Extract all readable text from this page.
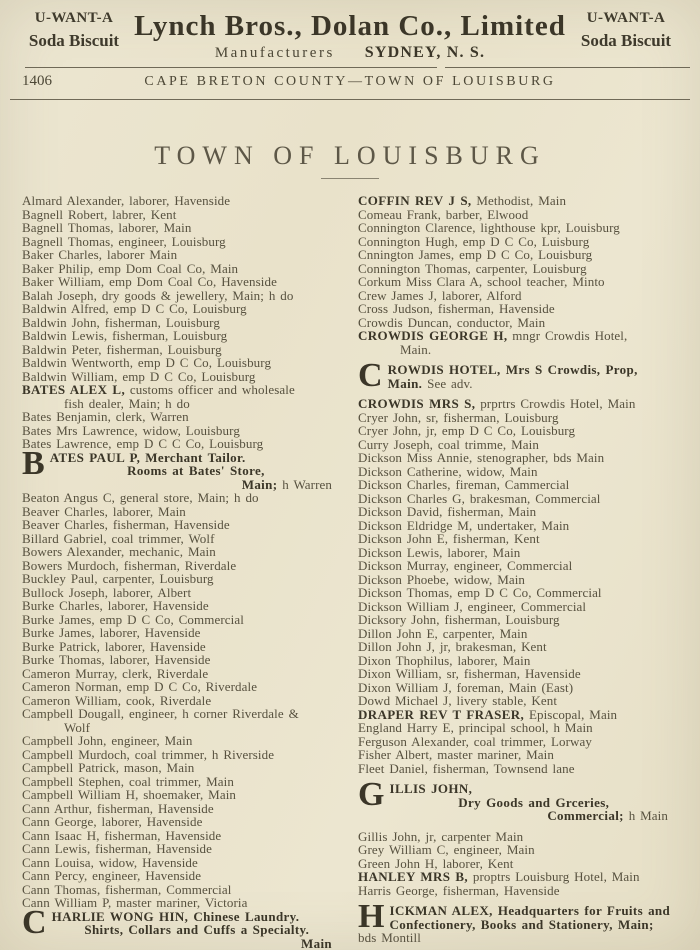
U-WANT-A
Soda Biscuit Lynch Bros., Dolan Co., Limited
Manufacturers SYDNEY, N. S.
U-WANT-A
Soda Biscuit
1406	CAPE BRETON COUNTY—TOWN OF LOUISBURG
TOWN OF LOUISBURG
Almard Alexander, laborer, Havenside
Bagnell Robert, labrer, Kent
Bagnell Thomas, laborer, Main
Bagnell Thomas, engineer, Louisburg
Baker Charles, laborer Main
Baker Philip, emp Dom Coal Co, Main
Baker William, emp Dom Coal Co, Havenside
Balah Joseph, dry goods & jewellery, Main; h do
Baldwin Alfred, emp D C Co, Louisburg
Baldwin John, fisherman, Louisburg
Baldwin Lewis, fisherman, Louisburg
Baldwin Peter, fisherman, Louisburg
Baldwin Wentworth, emp D C Co, Louisburg
Baldwin William, emp D C Co, Louisburg
BATES ALEX L, customs officer and wholesale
fish dealer, Main; h do
Bates Benjamin, clerk, Warren
Bates Mrs Lawrence, widow, Louisburg
Bates Lawrence, emp D C C Co, Louisburg
B ATES PAUL P, Merchant Tailor.
Rooms at Bates' Store,
Main; h Warren
Beaton Angus C, general store, Main; h do
Beaver Charles, laborer, Main
Beaver Charles, fisherman, Havenside
Billard Gabriel, coal trimmer, Wolf
Bowers Alexander, mechanic, Main
Bowers Murdoch, fisherman, Riverdale
Buckley Paul, carpenter, Louisburg
Bullock Joseph, laborer, Albert
Burke Charles, laborer, Havenside
Burke James, emp D C Co, Commercial
Burke James, laborer, Havenside
Burke Patrick, laborer, Havenside
Burke Thomas, laborer, Havenside
Cameron Murray, clerk, Riverdale
Cameron Norman, emp D C Co, Riverdale
Cameron William, cook, Riverdale
Campbell Dougall, engineer, h corner Riverdale &
Wolf
Campbell John, engineer, Main
Campbell Murdoch, coal trimmer, h Riverside
Campbell Patrick, mason, Main
Campbell Stephen, coal trimmer, Main
Campbell William H, shoemaker, Main
Cann Arthur, fisherman, Havenside
Cann George, laborer, Havenside
Cann Isaac H, fisherman, Havenside
Cann Lewis, fisherman, Havenside
Cann Louisa, widow, Havenside
Cann Percy, engineer, Havenside
Cann Thomas, fisherman, Commercial
Cann William P, master mariner, Victoria
C HARLIE WONG HIN, Chinese Laundry.
Shirts, Collars and Cuffs a Specialty.
Main
COFFIN REV J S, Methodist, Main
Comeau Frank, barber, Elwood
Connington Clarence, lighthouse kpr, Louisburg
Connington Hugh, emp D C Co, Luisburg
Cnnington James, emp D C Co, Louisburg
Connington Thomas, carpenter, Louisburg
Corkum Miss Clara A, school teacher, Minto
Crew James J, laborer, Alford
Cross Judson, fisherman, Havenside
Crowdis Duncan, conductor, Main
CROWDIS GEORGE H, mngr Crowdis Hotel,
Main.
C ROWDIS HOTEL, Mrs S Crowdis, Prop,
Main. See adv.
CROWDIS MRS S, prprtrs Crowdis Hotel, Main
Cryer John, sr, fisherman, Louisburg
Cryer John, jr, emp D C Co, Louisburg
Curry Joseph, coal trimme, Main
Dickson Miss Annie, stenographer, bds Main
Dickson Catherine, widow, Main
Dickson Charles, fireman, Cammercial
Dickson Charles G, brakesman, Commercial
Dickson David, fisherman, Main
Dickson Eldridge M, undertaker, Main
Dickson John E, fisherman, Kent
Dickson Lewis, laborer, Main
Dickson Murray, engineer, Commercial
Dickson Phoebe, widow, Main
Dickson Thomas, emp D C Co, Commercial
Dickson William J, engineer, Commercial
Dicksory John, fisherman, Louisburg
Dillon John E, carpenter, Main
Dillon John J, jr, brakesman, Kent
Dixon Thophilus, laborer, Main
Dixon William, sr, fisherman, Havenside
Dixon William J, foreman, Main (East)
Dowd Michael J, livery stable, Kent
DRAPER REV T FRASER, Episcopal, Main
England Harry E, principal school, h Main
Ferguson Alexander, coal trimmer, Lorway
Fisher Albert, master mariner, Main
Fleet Daniel, fisherman, Townsend lane
G ILLIS JOHN,
Dry Goods and Grceries,
Commercial; h Main
Gillis John, jr, carpenter Main
Grey William C, engineer, Main
Green John H, laborer, Kent
HANLEY MRS B, proptrs Louisburg Hotel, Main
Harris George, fisherman, Havenside
H ICKMAN ALEX, Headquarters for Fruits and
Confectionery, Books and Stationery, Main;
bds Montill
